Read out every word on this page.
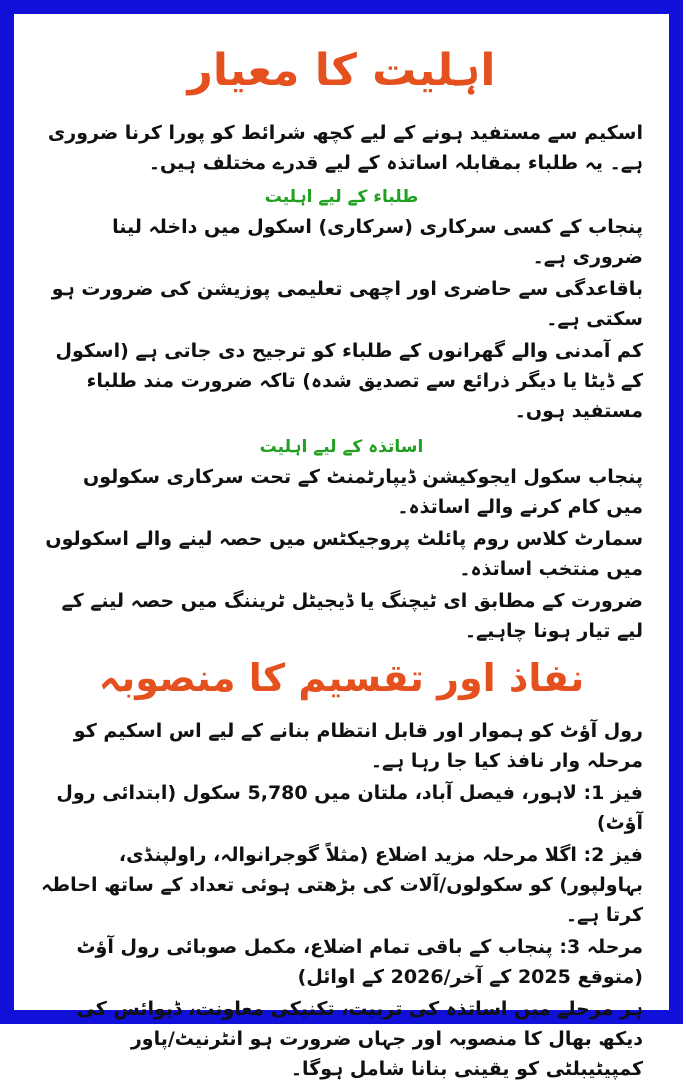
اہلیت کا معیار

اسکیم سے مستفید ہونے کے لیے کچھ شرائط کو پورا کرنا ضروری ہے۔ یہ طلباء بمقابلہ اساتذہ کے لیے قدرے مختلف ہیں۔

طلباء کے لیے اہلیت

پنجاب کے کسی سرکاری (سرکاری) اسکول میں داخلہ لینا ضروری ہے۔

باقاعدگی سے حاضری اور اچھی تعلیمی پوزیشن کی ضرورت ہو سکتی ہے۔

کم آمدنی والے گھرانوں کے طلباء کو ترجیح دی جاتی ہے (اسکول کے ڈیٹا یا دیگر ذرائع سے تصدیق شدہ) تاکہ ضرورت مند طلباء مستفید ہوں۔

اساتذہ کے لیے اہلیت

پنجاب سکول ایجوکیشن ڈیپارٹمنٹ کے تحت سرکاری سکولوں میں کام کرنے والے اساتذہ۔

سمارٹ کلاس روم پائلٹ پروجیکٹس میں حصہ لینے والے اسکولوں میں منتخب اساتذہ۔

ضرورت کے مطابق ای ٹیچنگ یا ڈیجیٹل ٹریننگ میں حصہ لینے کے لیے تیار ہونا چاہیے۔

نفاذ اور تقسیم کا منصوبہ

رول آؤٹ کو ہموار اور قابل انتظام بنانے کے لیے اس اسکیم کو مرحلہ وار نافذ کیا جا رہا ہے۔

فیز 1: لاہور، فیصل آباد، ملتان میں 5,780 سکول (ابتدائی رول آؤٹ)

فیز 2: اگلا مرحلہ مزید اضلاع (مثلاً گوجرانوالہ، راولپنڈی، بہاولپور) کو سکولوں/آلات کی بڑھتی ہوئی تعداد کے ساتھ احاطہ کرتا ہے۔

مرحلہ 3: پنجاب کے باقی تمام اضلاع، مکمل صوبائی رول آؤٹ (متوقع 2025 کے آخر/2026 کے اوائل)

ہر مرحلے میں اساتذہ کی تربیت، تکنیکی معاونت، ڈیوائس کی دیکھ بھال کا منصوبہ اور جہاں ضرورت ہو انٹرنیٹ/پاور کمپیٹیبلٹی کو یقینی بنانا شامل ہوگا۔
